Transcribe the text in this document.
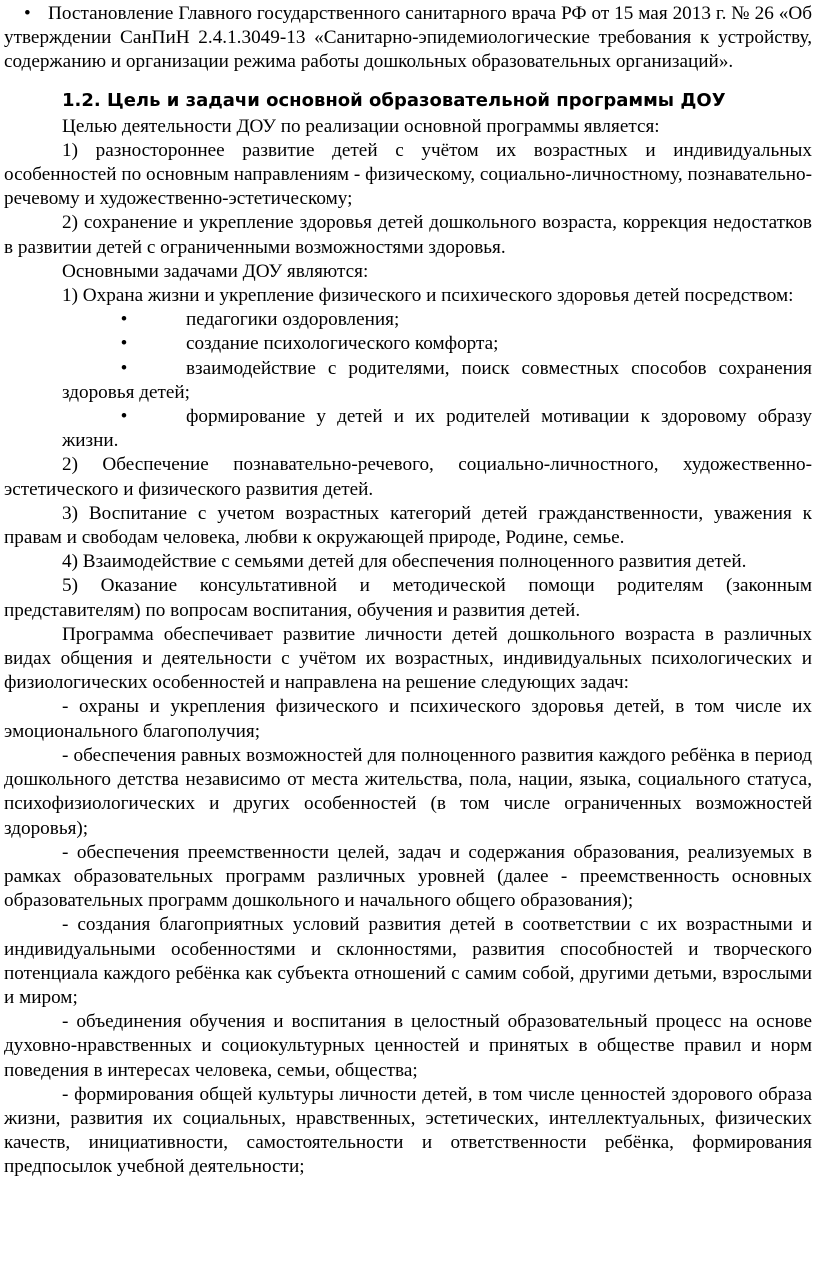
• Постановление Главного государственного санитарного врача РФ от 15 мая 2013 г. № 26 «Об утверждении СанПиН 2.4.1.3049-13 «Санитарно-эпидемиологические требования к устройству, содержанию и организации режима работы дошкольных образовательных организаций».

1.2. Цель и задачи основной образовательной программы ДОУ

Целью деятельности ДОУ по реализации основной программы является:

1) разностороннее развитие детей с учётом их возрастных и индивидуальных особенностей по основным направлениям - физическому, социально-личностному, познавательно-речевому и художественно-эстетическому;

2) сохранение и укрепление здоровья детей дошкольного возраста, коррекция недостатков в развитии детей с ограниченными возможностями здоровья.

Основными задачами ДОУ являются:

1) Охрана жизни и укрепление физического и психического здоровья детей посредством:

•	педагогики оздоровления;

•	создание психологического комфорта;

•	взаимодействие с родителями, поиск совместных способов сохранения здоровья детей;

•	формирование у детей и их родителей мотивации к здоровому образу жизни.

2) Обеспечение познавательно-речевого, социально-личностного, художественно-эстетического и физического развития детей.

3) Воспитание с учетом возрастных категорий детей гражданственности, уважения к правам и свободам человека, любви к окружающей природе, Родине, семье.

4) Взаимодействие с семьями детей для обеспечения полноценного развития детей.

5) Оказание консультативной и методической помощи родителям (законным представителям) по вопросам воспитания, обучения и развития детей.

Программа обеспечивает развитие личности детей дошкольного возраста в различных видах общения и деятельности с учётом их возрастных, индивидуальных психологических и физиологических особенностей и направлена на решение следующих задач:

- охраны и укрепления физического и психического здоровья детей, в том числе их эмоционального благополучия;

- обеспечения равных возможностей для полноценного развития каждого ребёнка в период дошкольного детства независимо от места жительства, пола, нации, языка, социального статуса, психофизиологических и других особенностей (в том числе ограниченных возможностей здоровья);

- обеспечения преемственности целей, задач и содержания образования, реализуемых в рамках образовательных программ различных уровней (далее - преемственность основных образовательных программ дошкольного и начального общего образования);

- создания благоприятных условий развития детей в соответствии с их возрастными и индивидуальными особенностями и склонностями, развития способностей и творческого потенциала каждого ребёнка как субъекта отношений с самим собой, другими детьми, взрослыми и миром;

- объединения обучения и воспитания в целостный образовательный процесс на основе духовно-нравственных и социокультурных ценностей и принятых в обществе правил и норм поведения в интересах человека, семьи, общества;

- формирования общей культуры личности детей, в том числе ценностей здорового образа жизни, развития их социальных, нравственных, эстетических, интеллектуальных, физических качеств, инициативности, самостоятельности и ответственности ребёнка, формирования предпосылок учебной деятельности;
